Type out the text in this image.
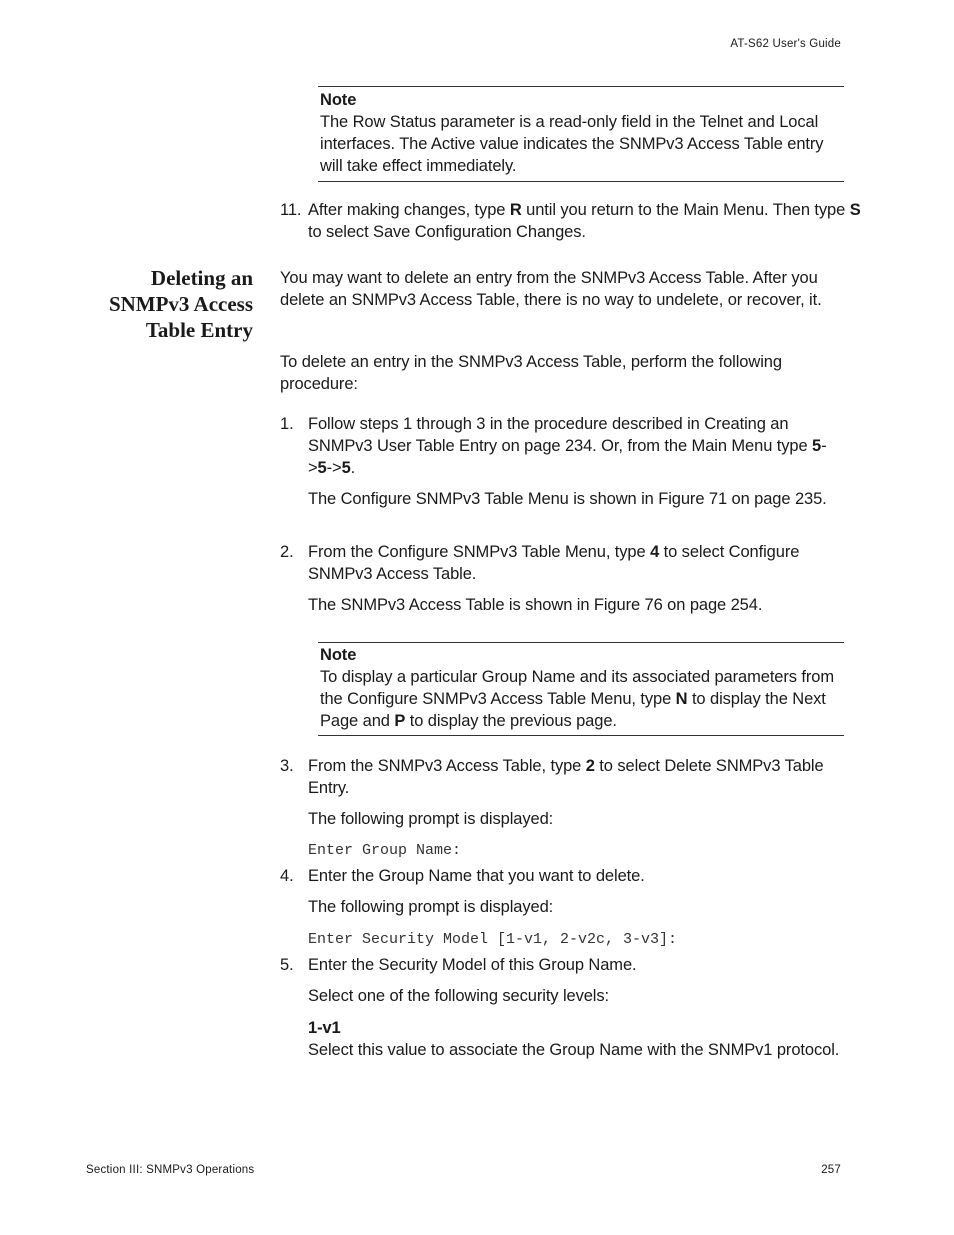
AT-S62 User's Guide
Note
The Row Status parameter is a read-only field in the Telnet and Local interfaces. The Active value indicates the SNMPv3 Access Table entry will take effect immediately.
11. After making changes, type R until you return to the Main Menu. Then type S to select Save Configuration Changes.
Deleting an
SNMPv3 Access
Table Entry
You may want to delete an entry from the SNMPv3 Access Table. After you delete an SNMPv3 Access Table, there is no way to undelete, or recover, it.
To delete an entry in the SNMPv3 Access Table, perform the following procedure:
1. Follow steps 1 through 3 in the procedure described in Creating an SNMPv3 User Table Entry on page 234. Or, from the Main Menu type 5->5->5.
The Configure SNMPv3 Table Menu is shown in Figure 71 on page 235.
2. From the Configure SNMPv3 Table Menu, type 4 to select Configure SNMPv3 Access Table.
The SNMPv3 Access Table is shown in Figure 76 on page 254.
Note
To display a particular Group Name and its associated parameters from the Configure SNMPv3 Access Table Menu, type N to display the Next Page and P to display the previous page.
3. From the SNMPv3 Access Table, type 2 to select Delete SNMPv3 Table Entry.
The following prompt is displayed:
Enter Group Name:
4. Enter the Group Name that you want to delete.
The following prompt is displayed:
Enter Security Model [1-v1, 2-v2c, 3-v3]:
5. Enter the Security Model of this Group Name.
Select one of the following security levels:
1-v1
Select this value to associate the Group Name with the SNMPv1 protocol.
Section III: SNMPv3 Operations	257
